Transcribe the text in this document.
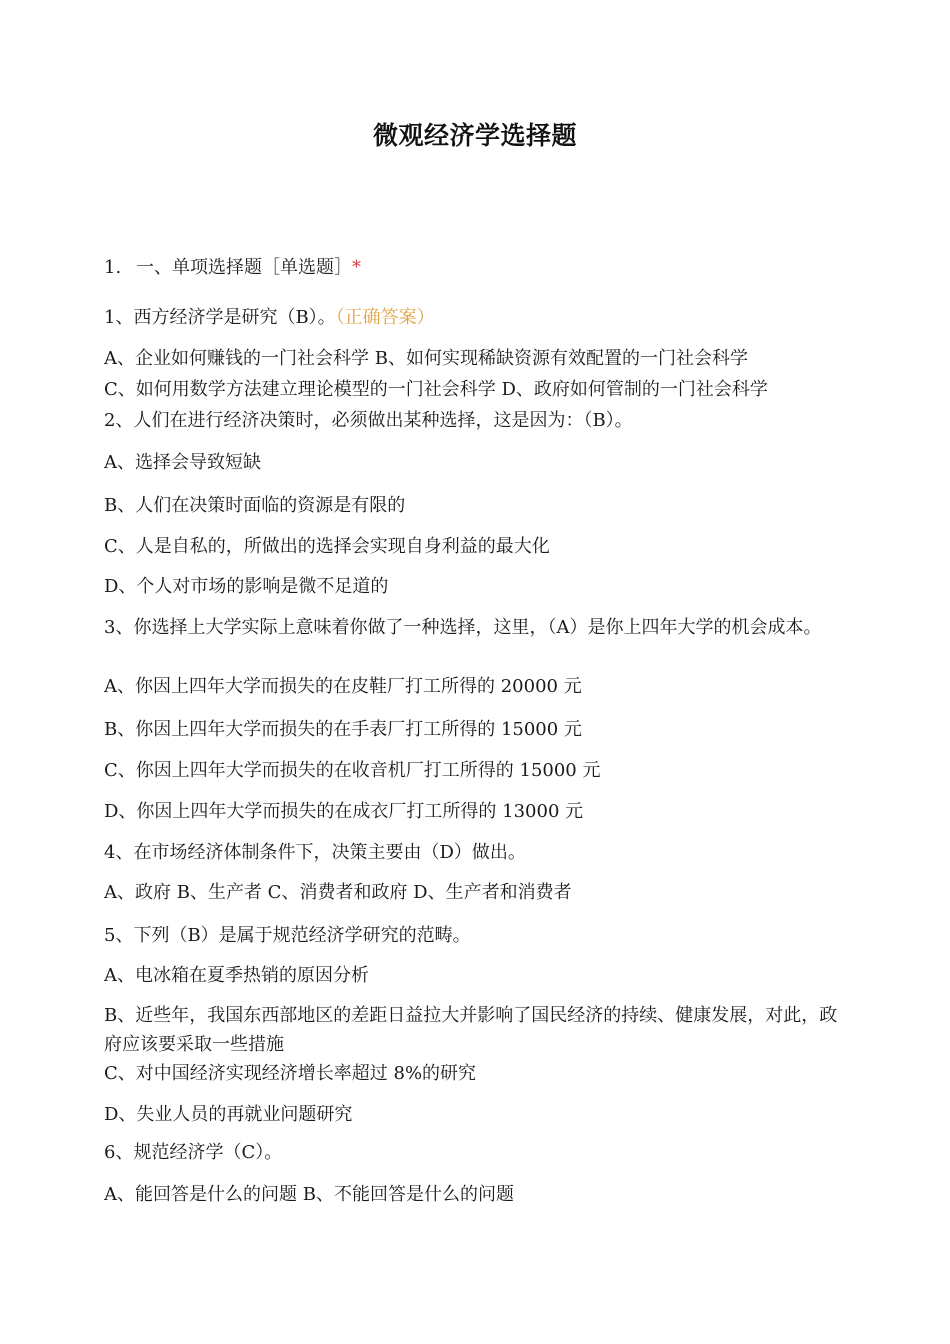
微观经济学选择题
1. 一、单项选择题［单选题］*
1、西方经济学是研究（B）。（正确答案）
A、企业如何赚钱的一门社会科学 B、如何实现稀缺资源有效配置的一门社会科学
C、如何用数学方法建立理论模型的一门社会科学 D、政府如何管制的一门社会科学
2、人们在进行经济决策时，必须做出某种选择，这是因为：（B）。
A、选择会导致短缺
B、人们在决策时面临的资源是有限的
C、人是自私的，所做出的选择会实现自身利益的最大化
D、个人对市场的影响是微不足道的
3、你选择上大学实际上意味着你做了一种选择，这里，（A）是你上四年大学的机会成本。
A、你因上四年大学而损失的在皮鞋厂打工所得的 20000 元
B、你因上四年大学而损失的在手表厂打工所得的 15000 元
C、你因上四年大学而损失的在收音机厂打工所得的 15000 元
D、你因上四年大学而损失的在成衣厂打工所得的 13000 元
4、在市场经济体制条件下，决策主要由（D）做出。
A、政府 B、生产者 C、消费者和政府 D、生产者和消费者
5、下列（B）是属于规范经济学研究的范畴。
A、电冰箱在夏季热销的原因分析
B、近些年，我国东西部地区的差距日益拉大并影响了国民经济的持续、健康发展，对此，政府应该要采取一些措施
C、对中国经济实现经济增长率超过 8%的研究
D、失业人员的再就业问题研究
6、规范经济学（C）。
A、能回答是什么的问题 B、不能回答是什么的问题
